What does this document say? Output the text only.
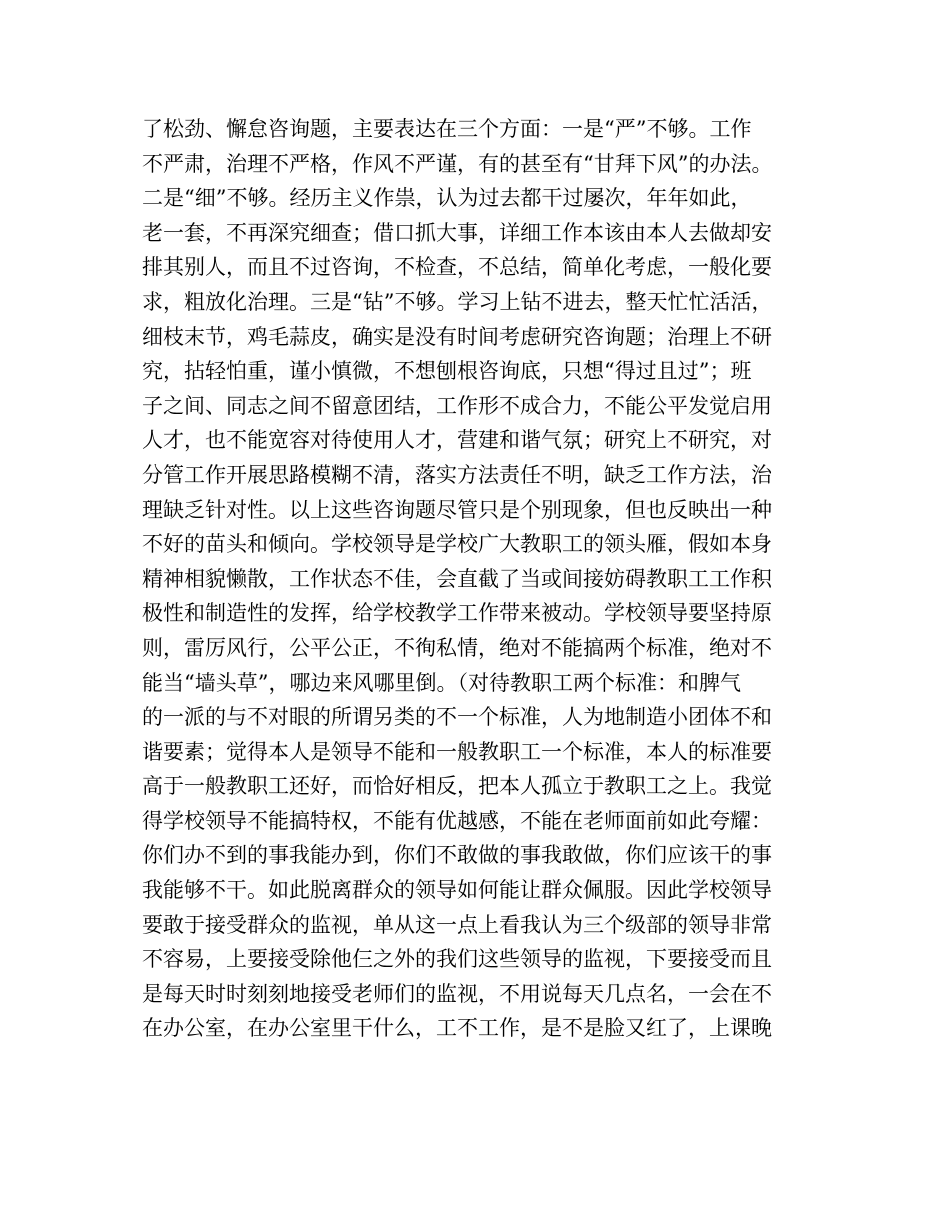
了松劲、懈怠咨询题，主要表达在三个方面：一是“严”不够。工作
不严肃，治理不严格，作风不严谨，有的甚至有“甘拜下风”的办法。
二是“细”不够。经历主义作祟，认为过去都干过屡次，年年如此，
老一套，不再深究细查；借口抓大事，详细工作本该由本人去做却安
排其别人，而且不过咨询，不检查，不总结，简单化考虑，一般化要
求，粗放化治理。三是“钻”不够。学习上钻不进去，整天忙忙活活，
细枝末节，鸡毛蒜皮，确实是没有时间考虑研究咨询题；治理上不研
究，拈轻怕重，谨小慎微，不想刨根咨询底，只想“得过且过”；班
子之间、同志之间不留意团结，工作形不成合力，不能公平发觉启用
人才，也不能宽容对待使用人才，营建和谐气氛；研究上不研究，对
分管工作开展思路模糊不清，落实方法责任不明，缺乏工作方法，治
理缺乏针对性。以上这些咨询题尽管只是个别现象，但也反映出一种
不好的苗头和倾向。学校领导是学校广大教职工的领头雁，假如本身
精神相貌懒散，工作状态不佳，会直截了当或间接妨碍教职工工作积
极性和制造性的发挥，给学校教学工作带来被动。学校领导要坚持原
则，雷厉风行，公平公正，不徇私情，绝对不能搞两个标准，绝对不
能当“墙头草”，哪边来风哪里倒。（对待教职工两个标准：和脾气
的一派的与不对眼的所谓另类的不一个标准，人为地制造小团体不和
谐要素；觉得本人是领导不能和一般教职工一个标准，本人的标准要
高于一般教职工还好，而恰好相反，把本人孤立于教职工之上。我觉
得学校领导不能搞特权，不能有优越感，不能在老师面前如此夸耀：
你们办不到的事我能办到，你们不敢做的事我敢做，你们应该干的事
我能够不干。如此脱离群众的领导如何能让群众佩服。因此学校领导
要敢于接受群众的监视，单从这一点上看我认为三个级部的领导非常
不容易，上要接受除他仨之外的我们这些领导的监视，下要接受而且
是每天时时刻刻地接受老师们的监视，不用说每天几点名，一会在不
在办公室，在办公室里干什么，工不工作，是不是脸又红了，上课晚
